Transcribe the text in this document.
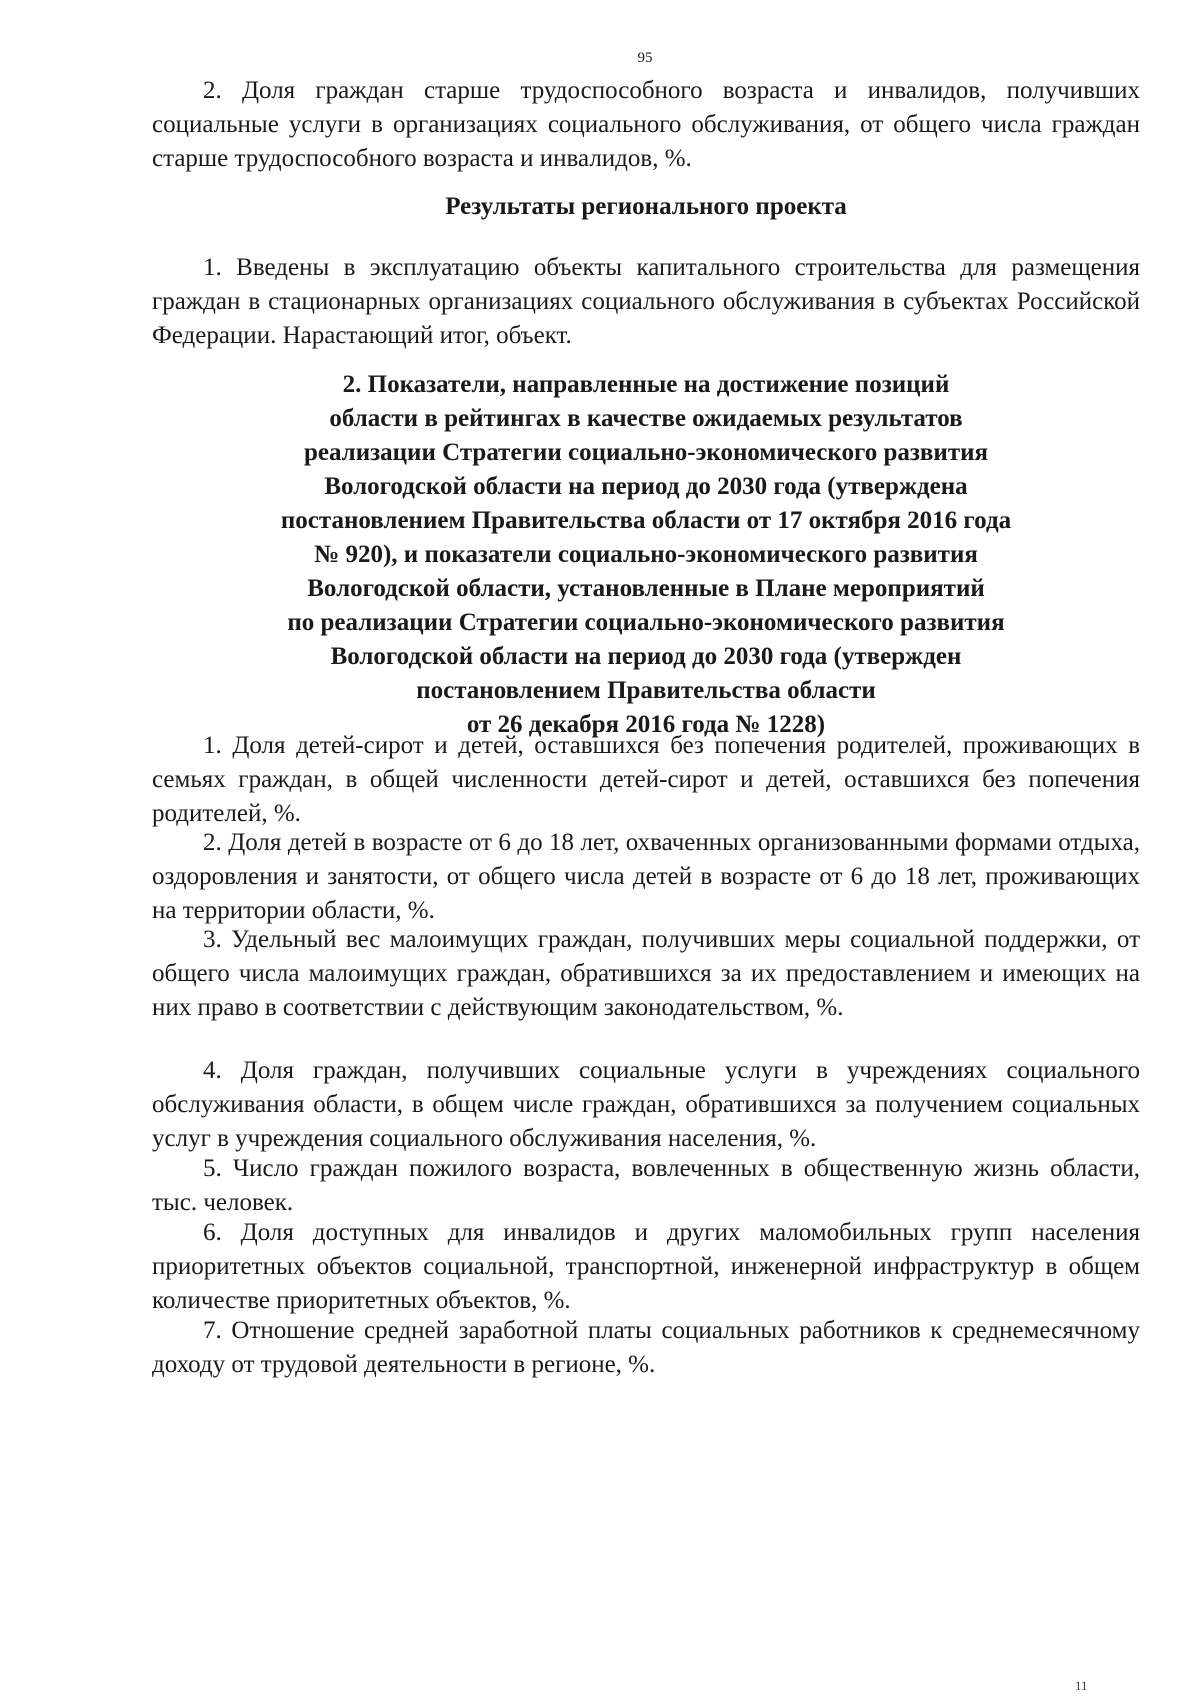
95

2. Доля граждан старше трудоспособного возраста и инвалидов, получивших социальные услуги в организациях социального обслуживания, от общего числа граждан старше трудоспособного возраста и инвалидов, %.

Результаты регионального проекта

1. Введены в эксплуатацию объекты капитального строительства для размещения граждан в стационарных организациях социального обслуживания в субъектах Российской Федерации. Нарастающий итог, объект.

2. Показатели, направленные на достижение позиций
области в рейтингах в качестве ожидаемых результатов
реализации Стратегии социально-экономического развития
Вологодской области на период до 2030 года (утверждена
постановлением Правительства области от 17 октября 2016 года
№ 920), и показатели социально-экономического развития
Вологодской области, установленные в Плане мероприятий
по реализации Стратегии социально-экономического развития
Вологодской области на период до 2030 года (утвержден
постановлением Правительства области
от 26 декабря 2016 года № 1228)

1. Доля детей-сирот и детей, оставшихся без попечения родителей, проживающих в семьях граждан, в общей численности детей-сирот и детей, оставшихся без попечения родителей, %.

2. Доля детей в возрасте от 6 до 18 лет, охваченных организованными формами отдыха, оздоровления и занятости, от общего числа детей в возрасте от 6 до 18 лет, проживающих на территории области, %.

3. Удельный вес малоимущих граждан, получивших меры социальной поддержки, от общего числа малоимущих граждан, обратившихся за их предоставлением и имеющих на них право в соответствии с действующим законодательством, %.

4. Доля граждан, получивших социальные услуги в учреждениях социального обслуживания области, в общем числе граждан, обратившихся за получением социальных услуг в учреждения социального обслуживания населения, %.

5. Число граждан пожилого возраста, вовлеченных в общественную жизнь области, тыс. человек.

6. Доля доступных для инвалидов и других маломобильных групп населения приоритетных объектов социальной, транспортной, инженерной инфраструктур в общем количестве приоритетных объектов, %.

7. Отношение средней заработной платы социальных работников к среднемесячному доходу от трудовой деятельности в регионе, %.

11
